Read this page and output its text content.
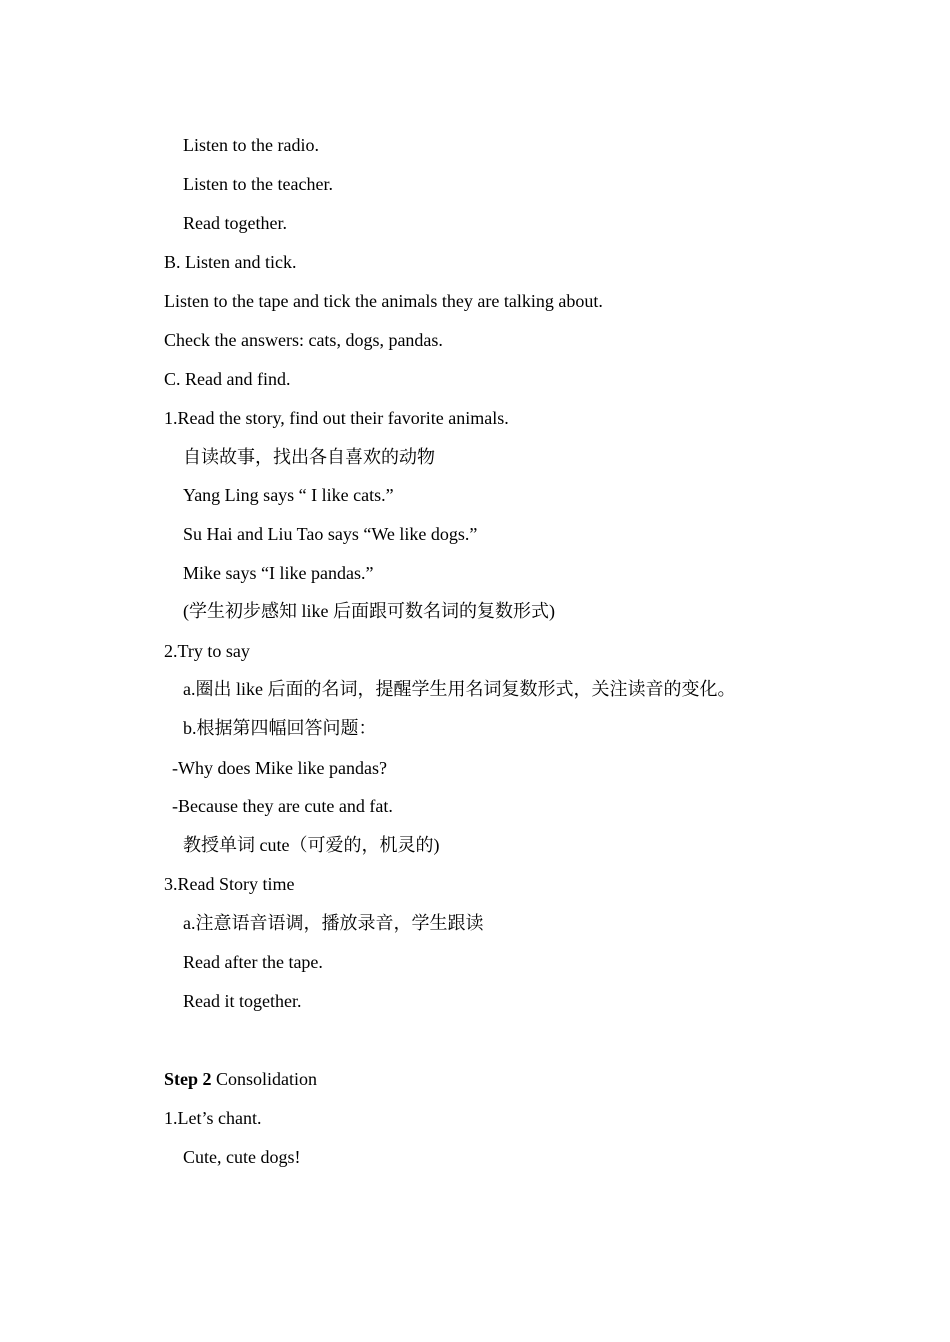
Listen to the radio.
Listen to the teacher.
Read together.
B. Listen and tick.
Listen to the tape and tick the animals they are talking about.
Check the answers: cats, dogs, pandas.
C. Read and find.
1.Read the story, find out their favorite animals.
自读故事，找出各自喜欢的动物
Yang Ling says “ I like cats.”
Su Hai and Liu Tao says “We like dogs.”
Mike says “I like pandas.”
(学生初步感知 like 后面跟可数名词的复数形式)
2.Try to say
a.圈出 like 后面的名词，提醒学生用名词复数形式，关注读音的变化。
b.根据第四幅回答问题：
-Why does Mike like pandas?
-Because they are cute and fat.
教授单词 cute（可爱的，机灵的)
3.Read Story time
a.注意语音语调，播放录音，学生跟读
Read after the tape.
Read it together.
Step 2 Consolidation
1.Let’s chant.
Cute, cute dogs!
